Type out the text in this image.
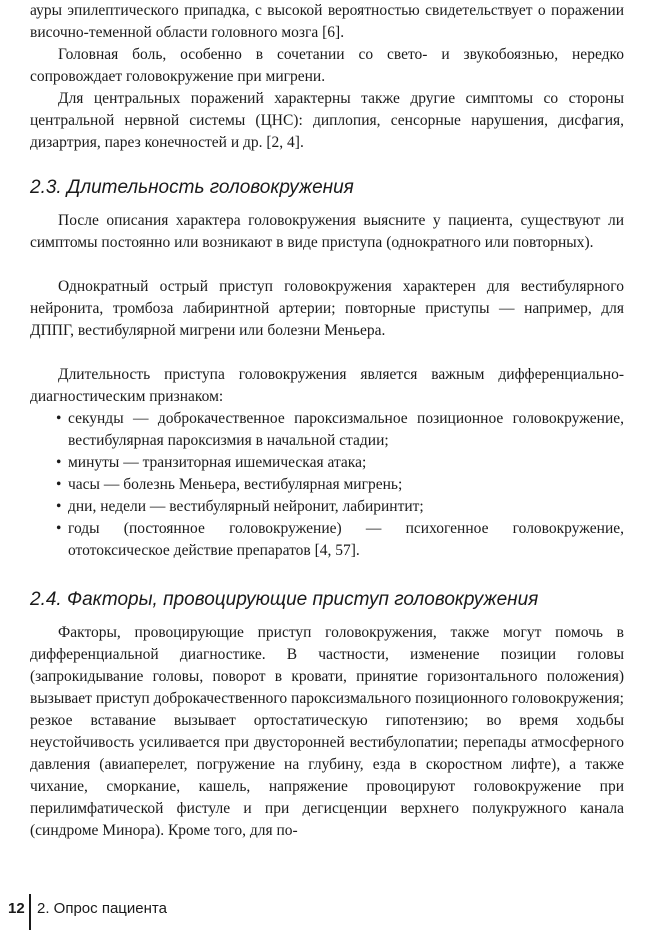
ауры эпилептического припадка, с высокой вероятностью свидетельствует о поражении височно-теменной области головного мозга [6].

Головная боль, особенно в сочетании со свето- и звукобоязнью, нередко сопровождает головокружение при мигрени.

Для центральных поражений характерны также другие симптомы со стороны центральной нервной системы (ЦНС): диплопия, сенсорные нарушения, дисфагия, дизартрия, парез конечностей и др. [2, 4].

2.3. Длительность головокружения

После описания характера головокружения выясните у пациента, существуют ли симптомы постоянно или возникают в виде приступа (однократного или повторных).

Однократный острый приступ головокружения характерен для вестибулярного нейронита, тромбоза лабиринтной артерии; повторные приступы — например, для ДППГ, вестибулярной мигрени или болезни Меньера.

Длительность приступа головокружения является важным дифференциально-диагностическим признаком:

• секунды — доброкачественное пароксизмальное позиционное головокружение, вестибулярная пароксизмия в начальной стадии;
• минуты — транзиторная ишемическая атака;
• часы — болезнь Меньера, вестибулярная мигрень;
• дни, недели — вестибулярный нейронит, лабиринтит;
• годы (постоянное головокружение) — психогенное головокружение, ототоксическое действие препаратов [4, 57].
2.4. Факторы, провоцирующие приступ головокружения

Факторы, провоцирующие приступ головокружения, также могут помочь в дифференциальной диагностике. В частности, изменение позиции головы (запрокидывание головы, поворот в кровати, принятие горизонтального положения) вызывает приступ доброкачественного пароксизмального позиционного головокружения; резкое вставание вызывает ортостатическую гипотензию; во время ходьбы неустойчивость усиливается при двусторонней вестибулопатии; перепады атмосферного давления (авиаперелет, погружение на глубину, езда в скоростном лифте), а также чихание, сморкание, кашель, напряжение провоцируют головокружение при перилимфатической фистуле и при дегисценции верхнего полукружного канала (синдроме Минора). Кроме того, для по-

12 2. Опрос пациента
